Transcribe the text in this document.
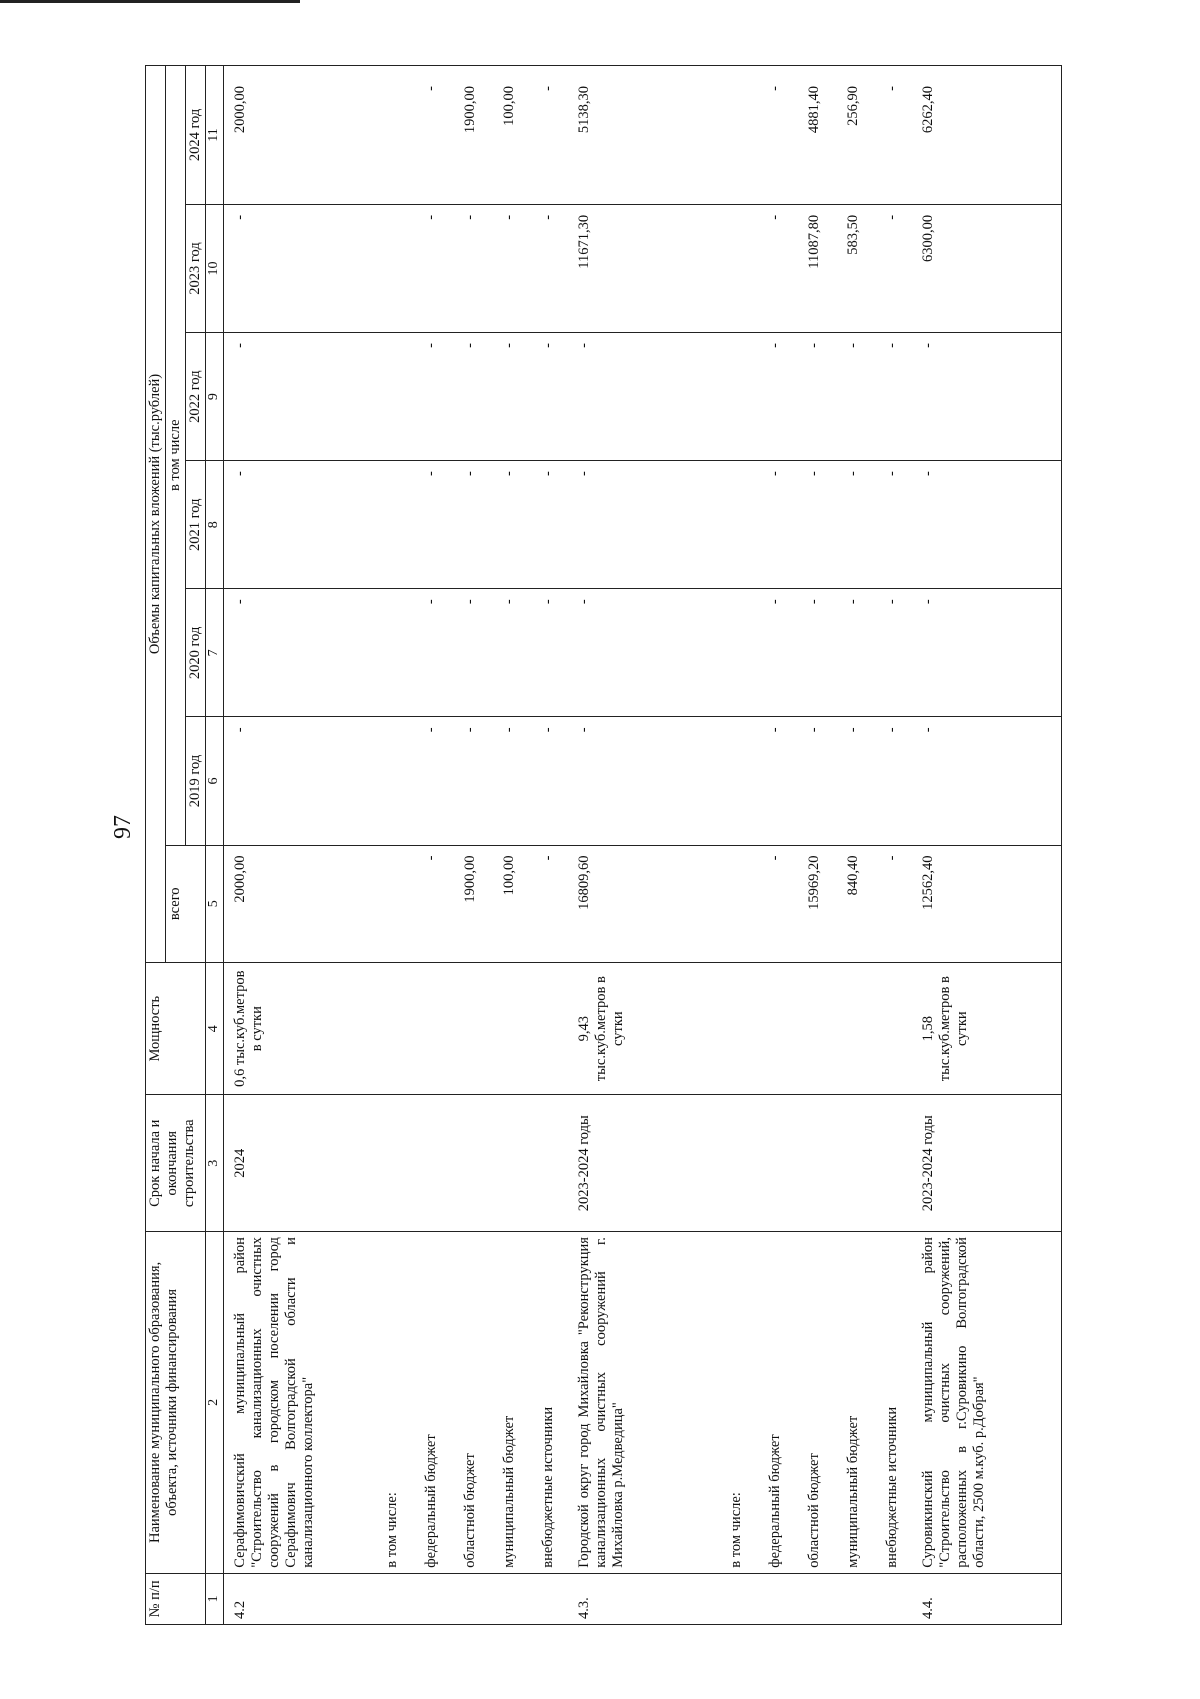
97
№ п/п	Наименование муниципального образования, объекта, источники финансирования	Срок начала и окончания строительства	Мощность	Объемы капитальных вложений (тыс.рублей)						
				всего	в том числе					
					2019 год	2020 год	2021 год	2022 год	2023 год	2024 год
1	2	3	4	5	6	7	8	9	10	11
4.2	Серафимовичский муниципальный район "Строительство канализационных очистных сооружений в городском поселении город Серафимович Волгоградской области и канализационного коллектора"	2024	0,6 тыс.куб.метров в сутки	2000,00	-	-	-	-	-	2000,00
	в том числе:									
	федеральный бюджет			-	-	-	-	-	-	-
	областной бюджет			1900,00	-	-	-	-	-	1900,00
	муниципальный бюджет			100,00	-	-	-	-	-	100,00
	внебюджетные источники			-	-	-	-	-	-	-
4.3.	Городской округ город Михайловка "Реконструкция канализационных очистных сооружений г. Михайловка р.Медведица"	2023-2024 годы	9,43 тыс.куб.метров в сутки	16809,60	-	-	-	-	11671,30	5138,30
	в том числе:									
	федеральный бюджет			-	-	-	-	-	-	-
	областной бюджет			15969,20	-	-	-	-	11087,80	4881,40
	муниципальный бюджет			840,40	-	-	-	-	583,50	256,90
	внебюджетные источники			-	-	-	-	-	-	-
4.4.	Суровикинский муниципальный район "Строительство очистных сооружений, расположенных в г.Суровикино Волгоградской области, 2500 м.куб. р.Добрая"	2023-2024 годы	1,58 тыс.куб.метров в сутки	12562,40	-	-	-	-	6300,00	6262,40
